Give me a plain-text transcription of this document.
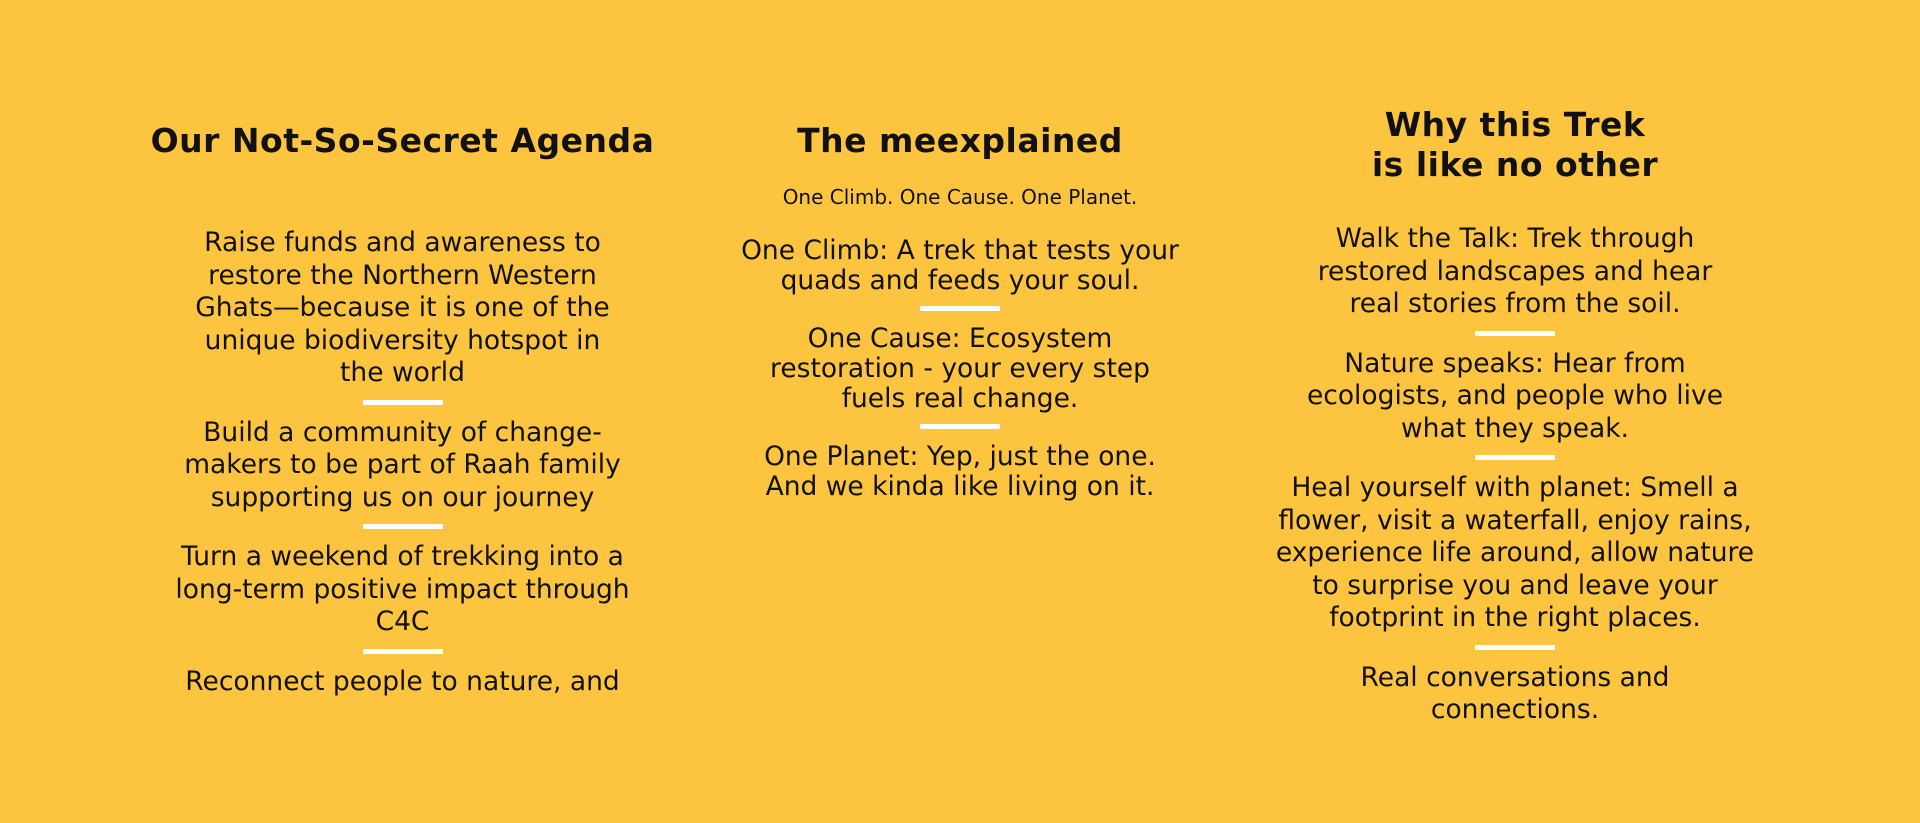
Our Not-So-Secret Agenda

Raise funds and awareness to restore the Northern Western Ghats—because it is one of the unique biodiversity hotspot in the world

Build a community of change-makers to be part of Raah family supporting us on our journey

Turn a weekend of trekking into a long-term positive impact through C4C

Reconnect people to nature, and

The meexplained
One Climb. One Cause. One Planet.

One Climb: A trek that tests your quads and feeds your soul.

One Cause: Ecosystem restoration - your every step fuels real change.

One Planet: Yep, just the one. And we kinda like living on it.

Why this Trek
is like no other

Walk the Talk: Trek through restored landscapes and hear real stories from the soil.

Nature speaks: Hear from ecologists, and people who live what they speak.

Heal yourself with planet: Smell a flower, visit a waterfall, enjoy rains, experience life around, allow nature to surprise you and leave your footprint in the right places.

Real conversations and connections.
